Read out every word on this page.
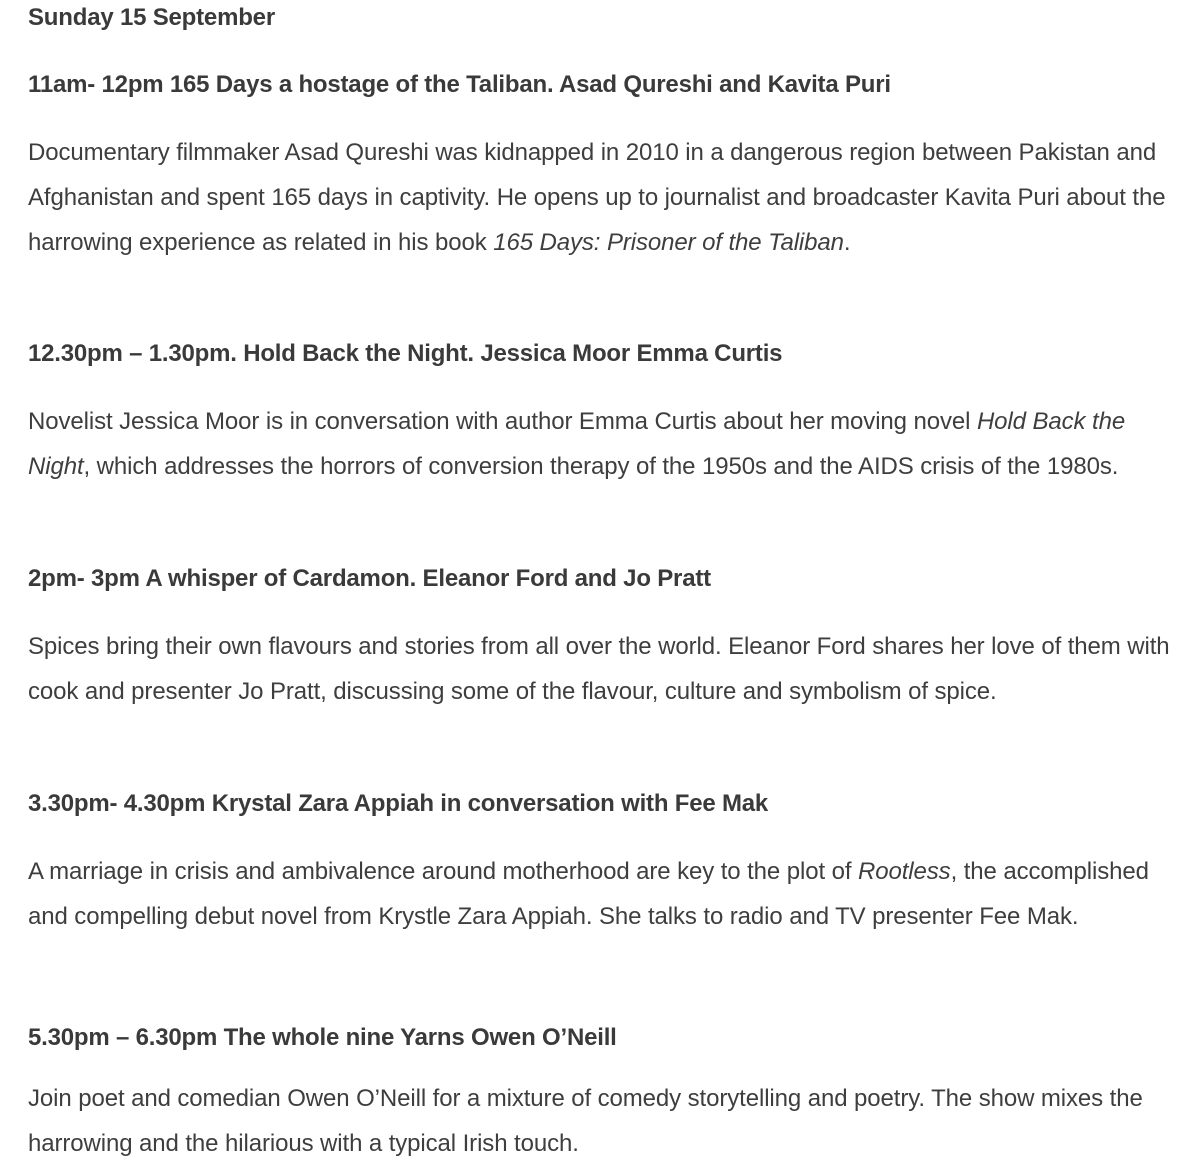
Sunday 15 September
11am- 12pm 165 Days a hostage of the Taliban. Asad Qureshi and Kavita Puri
Documentary filmmaker Asad Qureshi was kidnapped in 2010 in a dangerous region between Pakistan and Afghanistan and spent 165 days in captivity. He opens up to journalist and broadcaster Kavita Puri about the harrowing experience as related in his book 165 Days: Prisoner of the Taliban.
12.30pm – 1.30pm. Hold Back the Night. Jessica Moor Emma Curtis
Novelist Jessica Moor is in conversation with author Emma Curtis about her moving novel Hold Back the Night, which addresses the horrors of conversion therapy of the 1950s and the AIDS crisis of the 1980s.
2pm- 3pm A whisper of Cardamon. Eleanor Ford and Jo Pratt
Spices bring their own flavours and stories from all over the world. Eleanor Ford shares her love of them with cook and presenter Jo Pratt, discussing some of the flavour, culture and symbolism of spice.
3.30pm- 4.30pm Krystal Zara Appiah in conversation with Fee Mak
A marriage in crisis and ambivalence around motherhood are key to the plot of Rootless, the accomplished and compelling debut novel from Krystle Zara Appiah. She talks to radio and TV presenter Fee Mak.
5.30pm – 6.30pm The whole nine Yarns Owen O’Neill
Join poet and comedian Owen O’Neill for a mixture of comedy storytelling and poetry. The show mixes the harrowing and the hilarious with a typical Irish touch.
